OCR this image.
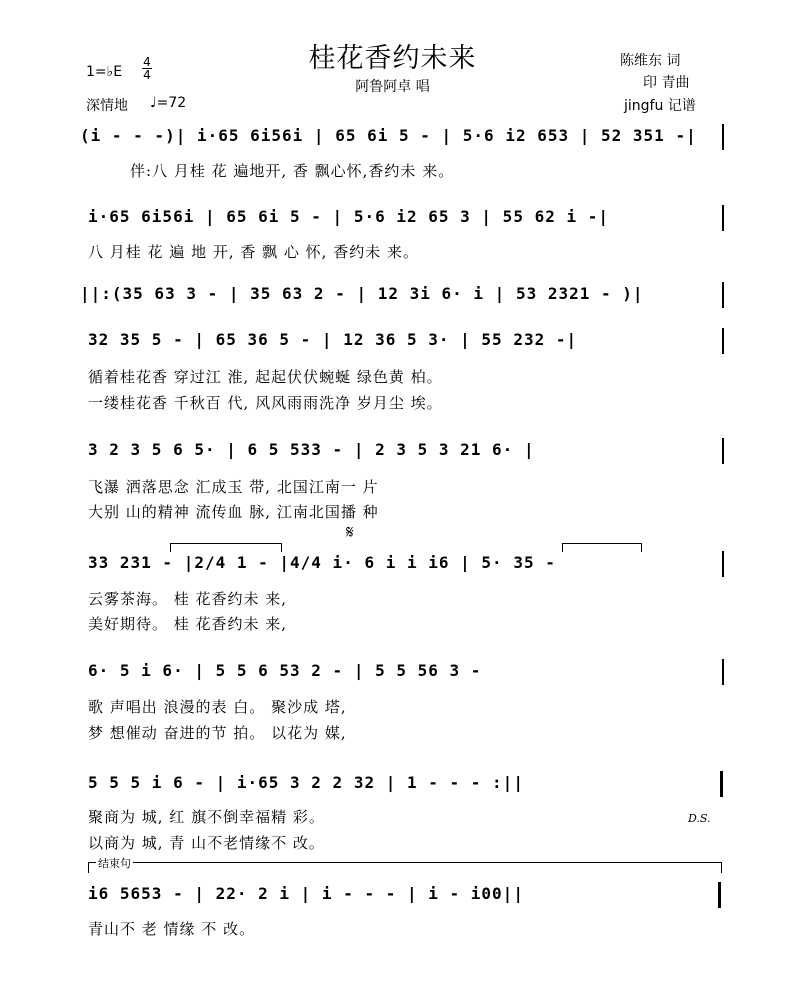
桂花香约未来
阿鲁阿卓 唱
陈维东 词
印 青曲
jingfu 记谱
1=♭E
4
4
深情地 ♩=72
(i - - -)| i·65 6i56i | 65 6i 5 - | 5·6 i2 653 | 52 351 -|
伴:八 月桂 花 遍地开, 香 飘心怀,香约未 来。
i·65 6i56i | 65 6i 5 - | 5·6 i2 65 3 | 55 62 i -|
八 月桂 花 遍 地 开, 香 飘 心 怀, 香约未 来。
||:(35 63 3 - | 35 63 2 - | 12 3i 6· i | 53 2321 - )|
32 35 5 - | 65 36 5 - | 12 36 5 3· | 55 232 -|
循着桂花香 穿过江 淮, 起起伏伏蜿蜒 绿色黄 柏。
一缕桂花香 千秋百 代, 风风雨雨洗净 岁月尘 埃。
3 2 3 5 6 5· | 6 5 533 - | 2 3 5 3 21 6· |
飞瀑 洒落思念 汇成玉 带, 北国江南一 片
大别 山的精神 流传血 脉, 江南北国播 种
𝄋
33 231 - |2/4 1 - |4/4 i· 6 i i i6 | 5· 35 -
云雾茶海。 桂 花香约未 来,
美好期待。 桂 花香约未 来,
6· 5 i 6· | 5 5 6 53 2 - | 5 5 56 3 -
歌 声唱出 浪漫的表 白。 聚沙成 塔,
梦 想催动 奋进的节 拍。 以花为 媒,
5 5 5 i 6 - | i·65 3 2 2 32 | 1 - - - :||
聚商为 城, 红 旗不倒幸福精 彩。
以商为 城, 青 山不老情缘不 改。
D.S.
结束句
i6 5653 - | 22· 2 i | i - - - | i - i00||
青山不 老 情缘 不 改。
